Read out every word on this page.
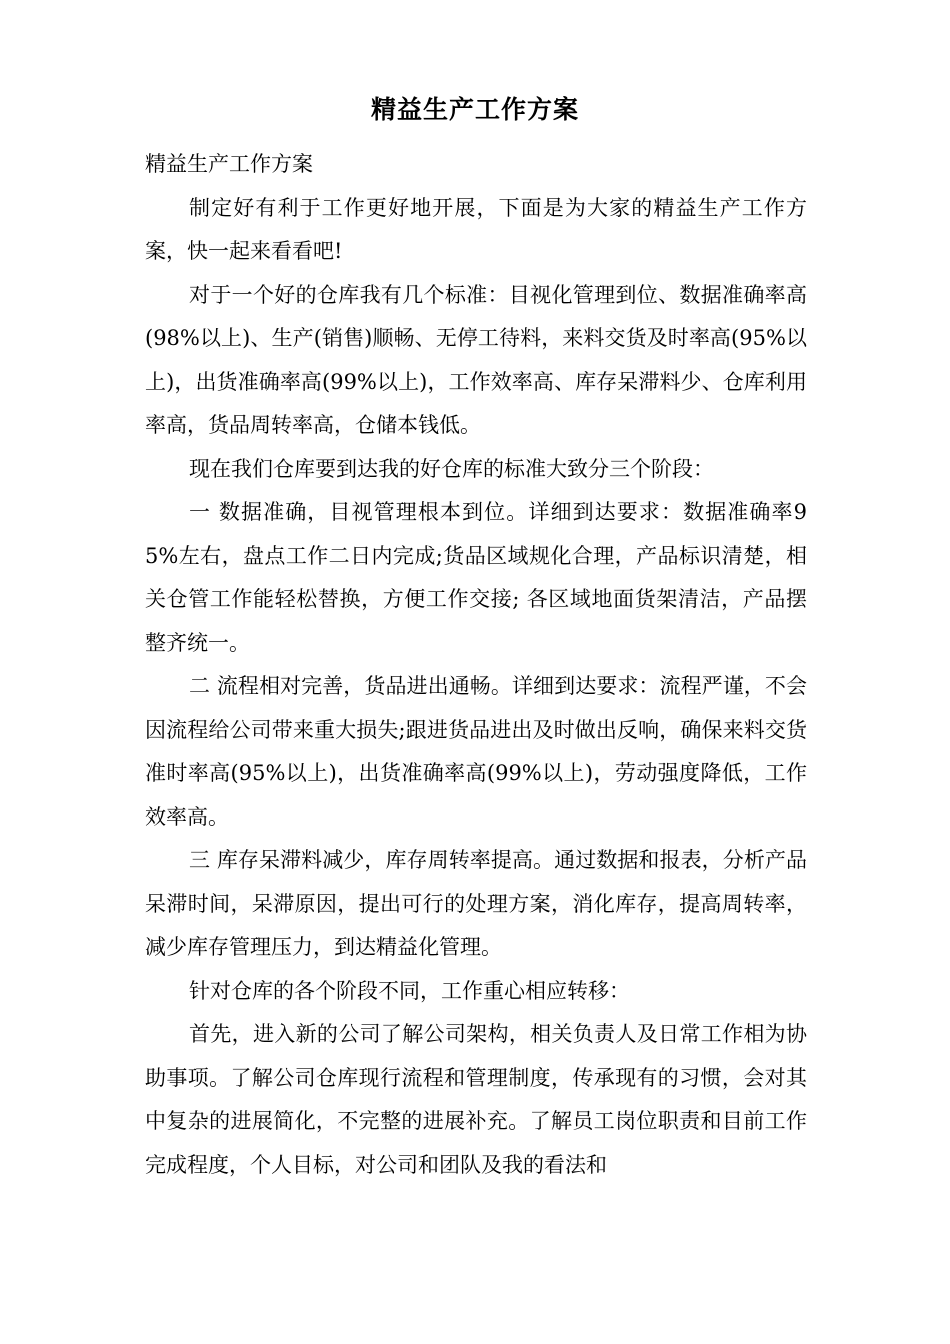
精益生产工作方案

精益生产工作方案

制定好有利于工作更好地开展，下面是为大家的精益生产工作方案，快一起来看看吧!

对于一个好的仓库我有几个标准：目视化管理到位、数据准确率高(98%以上)、生产(销售)顺畅、无停工待料，来料交货及时率高(95%以上)，出货准确率高(99%以上)，工作效率高、库存呆滞料少、仓库利用率高，货品周转率高，仓储本钱低。

现在我们仓库要到达我的好仓库的标准大致分三个阶段：

一 数据准确，目视管理根本到位。详细到达要求：数据准确率95%左右，盘点工作二日内完成;货品区域规化合理，产品标识清楚，相关仓管工作能轻松替换，方便工作交接; 各区域地面货架清洁，产品摆整齐统一。

二 流程相对完善，货品进出通畅。详细到达要求：流程严谨，不会因流程给公司带来重大损失;跟进货品进出及时做出反响，确保来料交货准时率高(95%以上)，出货准确率高(99%以上)，劳动强度降低，工作效率高。

三 库存呆滞料减少，库存周转率提高。通过数据和报表，分析产品呆滞时间，呆滞原因，提出可行的处理方案，消化库存，提高周转率，减少库存管理压力，到达精益化管理。

针对仓库的各个阶段不同，工作重心相应转移：

首先，进入新的公司了解公司架构，相关负责人及日常工作相为协助事项。了解公司仓库现行流程和管理制度，传承现有的习惯，会对其中复杂的进展简化，不完整的进展补充。了解员工岗位职责和目前工作完成程度，个人目标，对公司和团队及我的看法和
